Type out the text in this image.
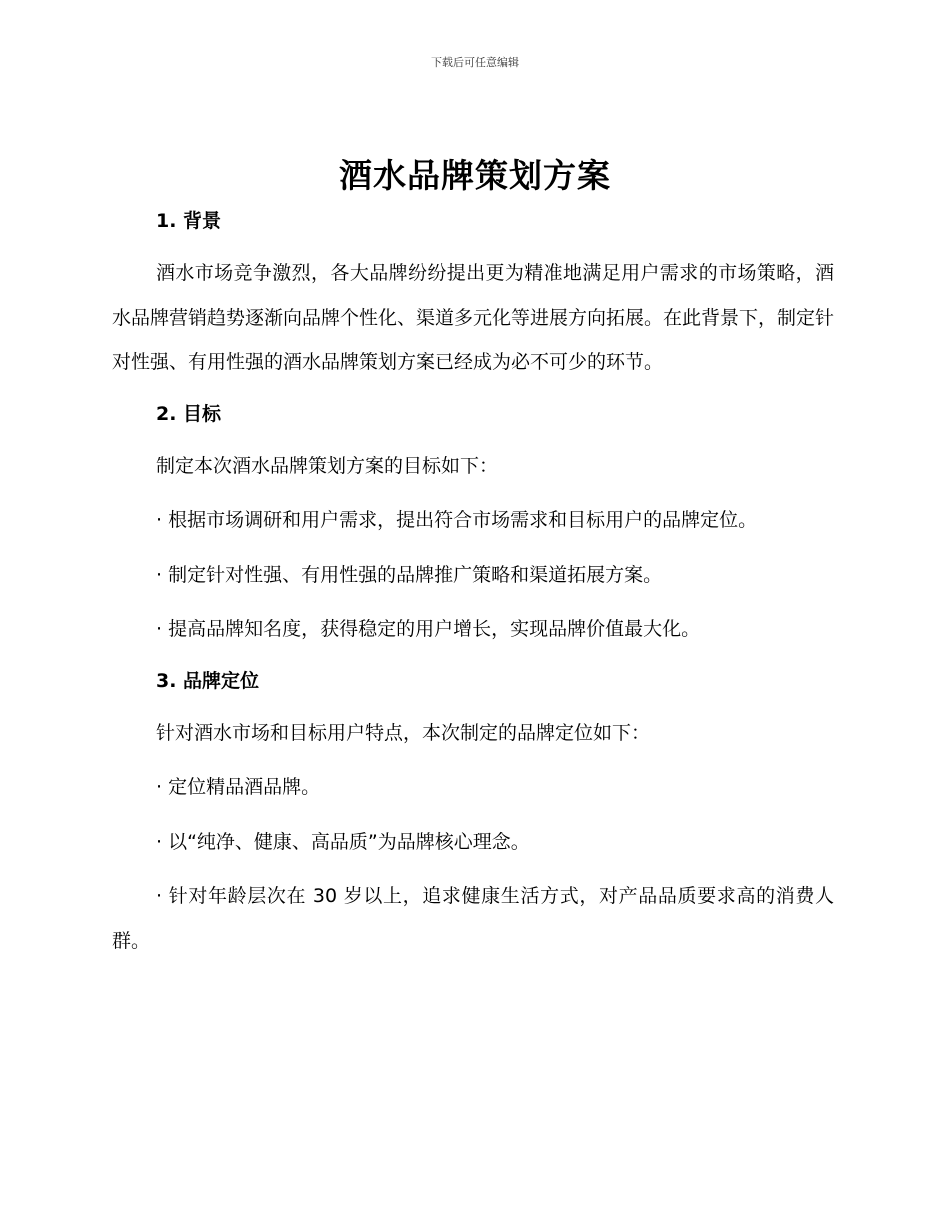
下载后可任意编辑
酒水品牌策划方案
1. 背景

酒水市场竞争激烈，各大品牌纷纷提出更为精准地满足用户需求的市场策略，酒水品牌营销趋势逐渐向品牌个性化、渠道多元化等进展方向拓展。在此背景下，制定针对性强、有用性强的酒水品牌策划方案已经成为必不可少的环节。

2. 目标

制定本次酒水品牌策划方案的目标如下：

· 根据市场调研和用户需求，提出符合市场需求和目标用户的品牌定位。

· 制定针对性强、有用性强的品牌推广策略和渠道拓展方案。

· 提高品牌知名度，获得稳定的用户增长，实现品牌价值最大化。

3. 品牌定位

针对酒水市场和目标用户特点，本次制定的品牌定位如下：

· 定位精品酒品牌。

· 以“纯净、健康、高品质”为品牌核心理念。

· 针对年龄层次在 30 岁以上，追求健康生活方式，对产品品质要求高的消费人群。
